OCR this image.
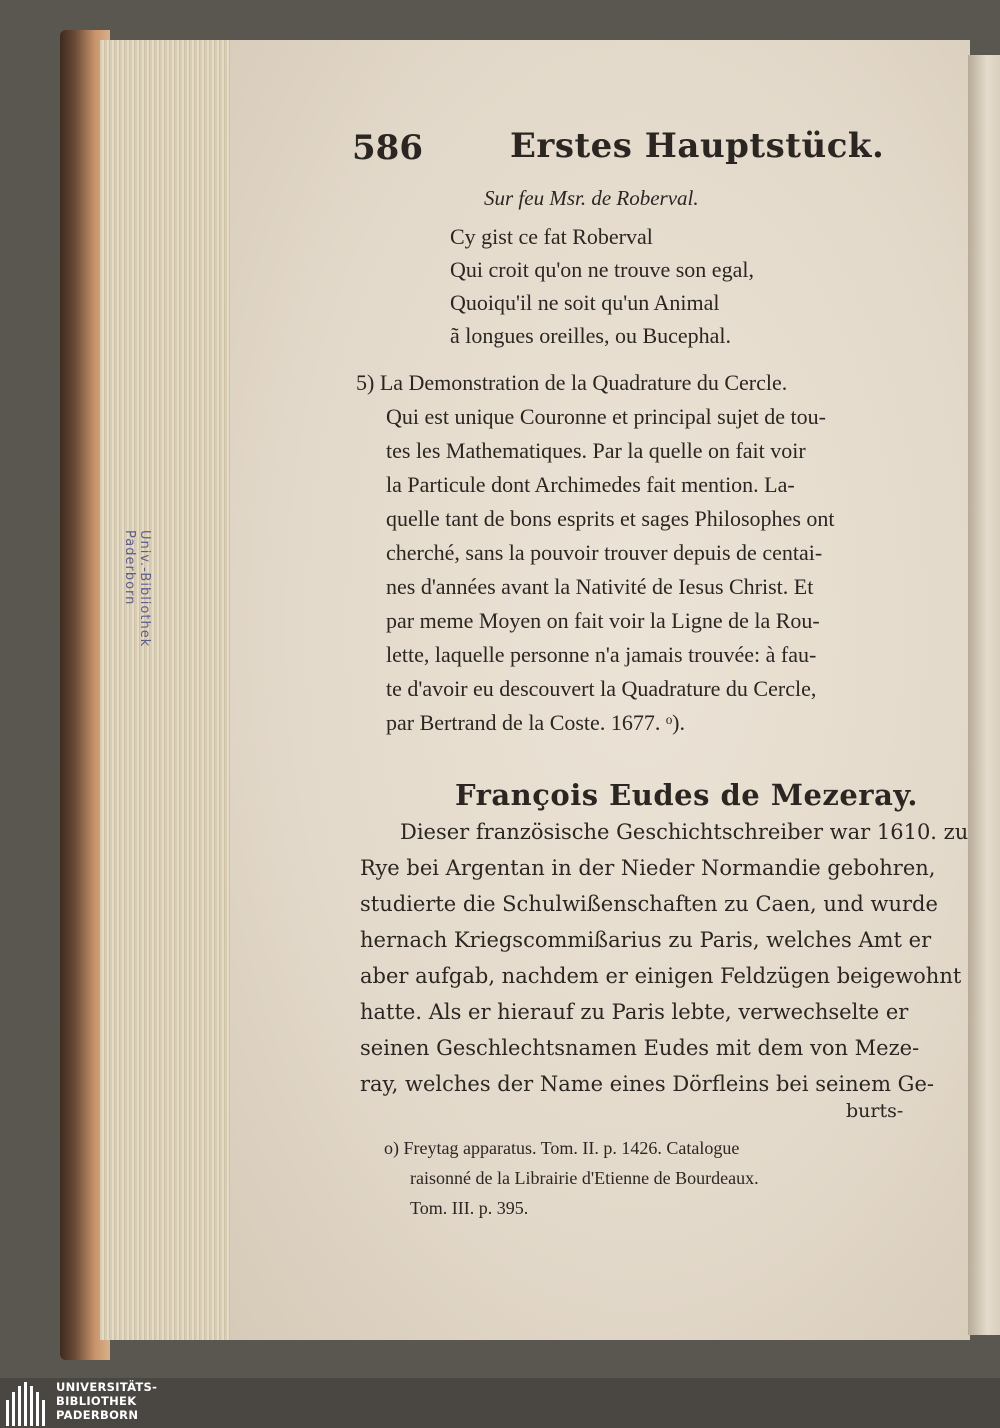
Univ.-Bibliothek Paderborn
586	Erstes Hauptstück.
Sur feu Msr. de Roberval.
Cy gist ce fat Roberval
Qui croit qu'on ne trouve son egal,
Quoiqu'il ne soit qu'un Animal
ã longues oreilles, ou Bucephal.
5) La Demonstration de la Quadrature du Cercle.
Qui est unique Couronne et principal sujet de tou-
tes les Mathematiques. Par la quelle on fait voir
la Particule dont Archimedes fait mention. La-
quelle tant de bons esprits et sages Philosophes ont
cherché, sans la pouvoir trouver depuis de centai-
nes d'années avant la Nativité de Iesus Christ. Et
par meme Moyen on fait voir la Ligne de la Rou-
lette, laquelle personne n'a jamais trouvée: à fau-
te d'avoir eu descouvert la Quadrature du Cercle,
par Bertrand de la Coste. 1677. ᵒ).
François Eudes de Mezeray.
Dieser französische Geschichtschreiber war 1610. zu
Rye bei Argentan in der Nieder Normandie gebohren,
studierte die Schulwißenschaften zu Caen, und wurde
hernach Kriegscommißarius zu Paris, welches Amt er
aber aufgab, nachdem er einigen Feldzügen beigewohnt
hatte. Als er hierauf zu Paris lebte, verwechselte er
seinen Geschlechtsnamen Eudes mit dem von Meze-
ray, welches der Name eines Dörfleins bei seinem Ge-
burts-
o) Freytag apparatus. Tom. II. p. 1426. Catalogue
raisonné de la Librairie d'Etienne de Bourdeaux.
Tom. III. p. 395.
UNIVERSITÄTS-
BIBLIOTHEK
PADERBORN
